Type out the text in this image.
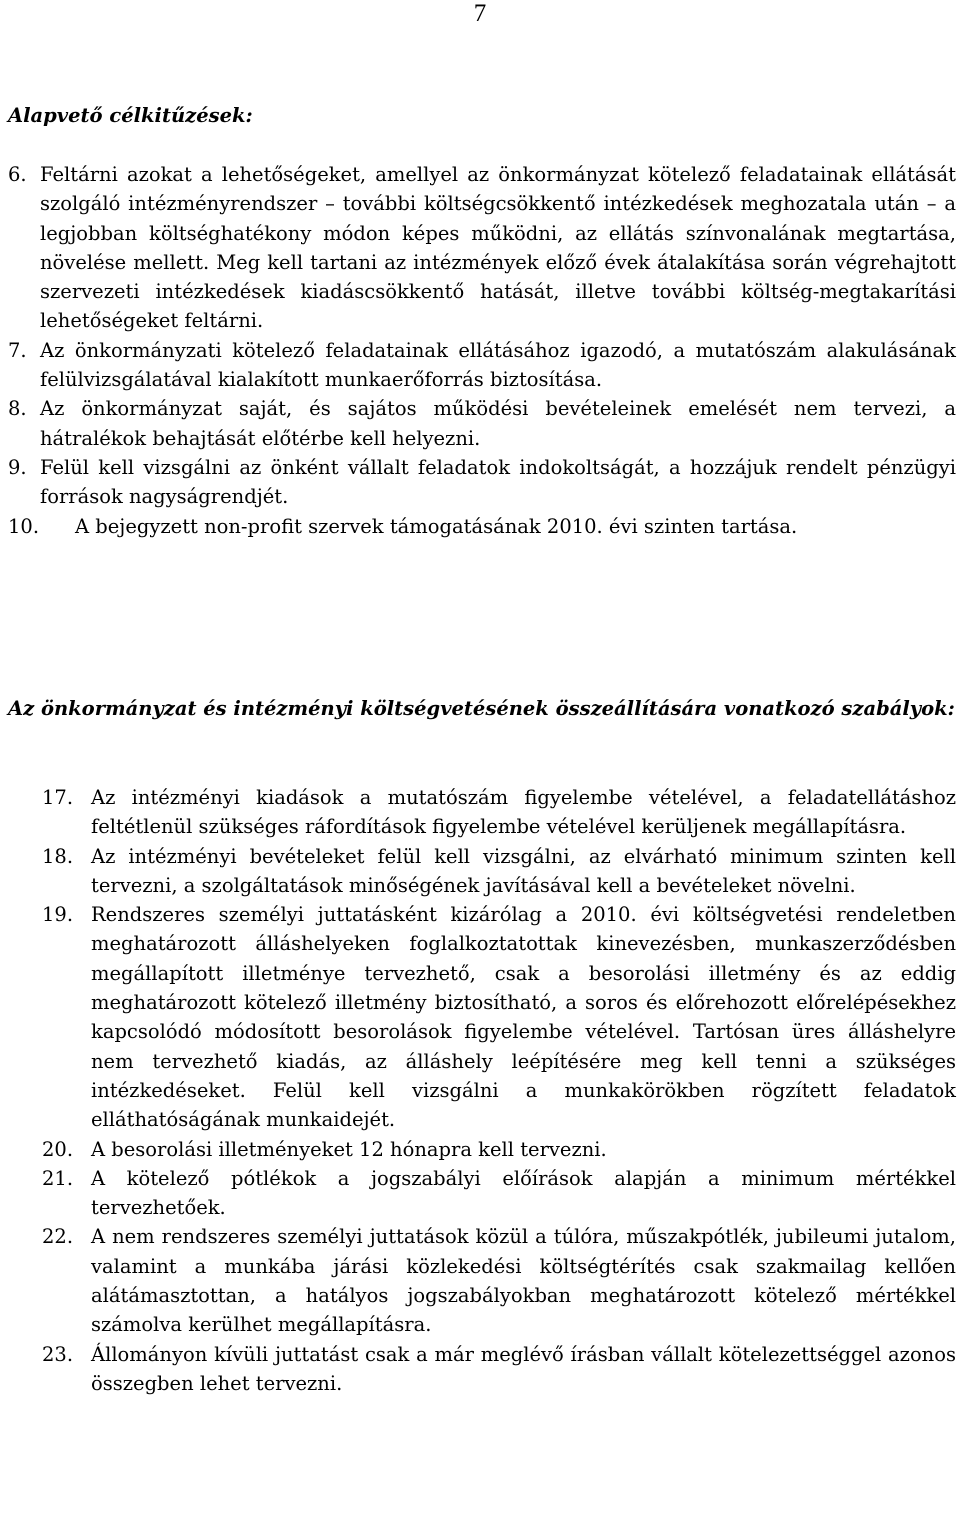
7
Alapvető célkitűzések:
6. Feltárni azokat a lehetőségeket, amellyel az önkormányzat kötelező feladatainak ellátását szolgáló intézményrendszer – további költségcsökkentő intézkedések meghozatala után – a legjobban költséghatékony módon képes működni, az ellátás színvonalának megtartása, növelése mellett. Meg kell tartani az intézmények előző évek átalakítása során végrehajtott szervezeti intézkedések kiadáscsökkentő hatását, illetve további költség-megtakarítási lehetőségeket feltárni.
7. Az önkormányzati kötelező feladatainak ellátásához igazodó, a mutatószám alakulásának felülvizsgálatával kialakított munkaerőforrás biztosítása.
8. Az önkormányzat saját, és sajátos működési bevételeinek emelését nem tervezi, a hátralékok behajtását előtérbe kell helyezni.
9. Felül kell vizsgálni az önként vállalt feladatok indokoltságát, a hozzájuk rendelt pénzügyi források nagyságrendjét.
10. A bejegyzett non-profit szervek támogatásának 2010. évi szinten tartása.
Az önkormányzat és intézményi költségvetésének összeállítására vonatkozó szabályok:
17. Az intézményi kiadások a mutatószám figyelembe vételével, a feladatellátáshoz feltétlenül szükséges ráfordítások figyelembe vételével kerüljenek megállapításra.
18. Az intézményi bevételeket felül kell vizsgálni, az elvárható minimum szinten kell tervezni, a szolgáltatások minőségének javításával kell a bevételeket növelni.
19. Rendszeres személyi juttatásként kizárólag a 2010. évi költségvetési rendeletben meghatározott álláshelyeken foglalkoztatottak kinevezésben, munkaszerződésben megállapított illetménye tervezhető, csak a besorolási illetmény és az eddig meghatározott kötelező illetmény biztosítható, a soros és előrehozott előrelépésekhez kapcsolódó módosított besorolások figyelembe vételével. Tartósan üres álláshelyre nem tervezhető kiadás, az álláshely leépítésére meg kell tenni a szükséges intézkedéseket. Felül kell vizsgálni a munkakörökben rögzített feladatok elláthatóságának munkaidejét.
20. A besorolási illetményeket 12 hónapra kell tervezni.
21. A kötelező pótlékok a jogszabályi előírások alapján a minimum mértékkel tervezhetőek.
22. A nem rendszeres személyi juttatások közül a túlóra, műszakpótlék, jubileumi jutalom, valamint a munkába járási közlekedési költségtérítés csak szakmailag kellően alátámasztottan, a hatályos jogszabályokban meghatározott kötelező mértékkel számolva kerülhet megállapításra.
23. Állományon kívüli juttatást csak a már meglévő írásban vállalt kötelezettséggel azonos összegben lehet tervezni.
